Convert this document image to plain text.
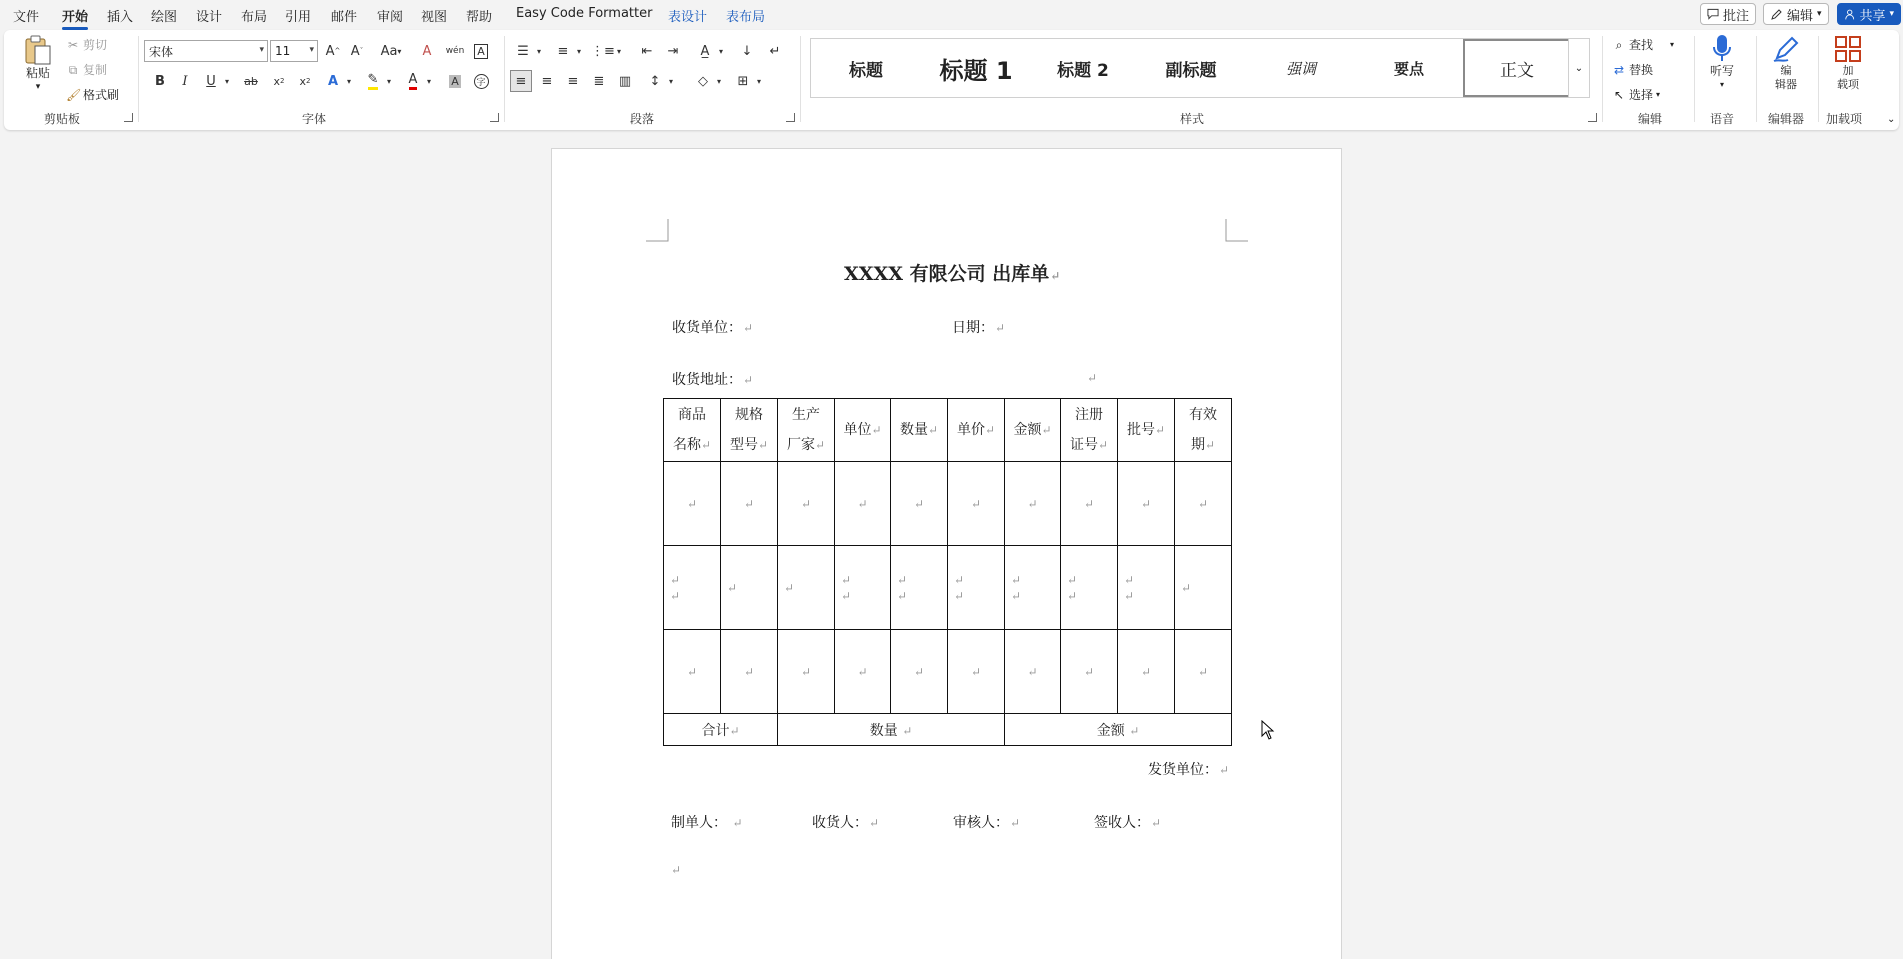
文件 开始 插入 绘图 设计 布局 引用 邮件 审阅 视图 帮助 Easy Code Formatter 表设计 表布局	批注	编辑 ▾	共享 ▾
粘贴
▾
✂ 剪切
⧉ 复制
🖌 格式刷
剪贴板
宋体	▾ 11 ▾ A ^ A ˇ Aa ▾	A	wén A
B	I	U	▾	ab	x 2	x 2	A	▾	✎	▾	A	▾	A	字
字体
☰	▾	≡	▾ ⋮≡ ▾	⇤	⇥	A̲	▾	↓	↵
≡	≡	≡	≣	▥	↕	▾	◇	▾	⊞	▾
段落
标题 标题 1	标题 2	副标题	强调	要点	正文	⌄
样式
⌕ 查找 ▾
⇄ 替换
↖ 选择 ▾
编辑
听写
▾
语音
编
辑器
编辑器
加
载项
加载项 ⌄
XXXX 有限公司 出库单↵
收货单位：↵	日期：↵
收货地址：↵	↵
商品
名称↵	规格
型号↵	生产
厂家↵	单位↵	数量↵	单价↵	金额↵	注册
证号↵	批号↵	有效
期↵

↵	↵	↵	↵	↵	↵	↵	↵	↵	↵
↵
↵	↵	↵	↵
↵	↵
↵	↵
↵	↵
↵	↵
↵	↵
↵	↵
↵	↵	↵	↵	↵	↵	↵	↵	↵	↵
合计↵		数量 ↵				金额 ↵			
发货单位：↵
制单人： ↵	收货人：↵	审核人：↵	签收人：↵
↵
